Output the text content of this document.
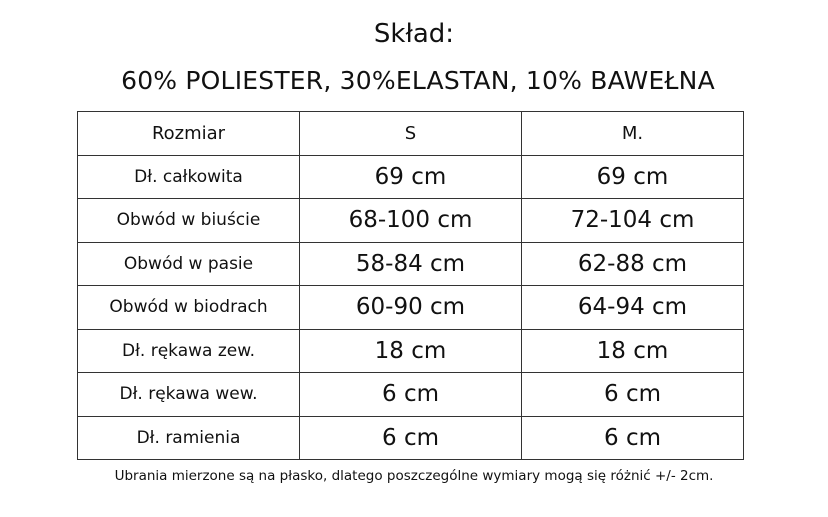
Skład:
60% POLIESTER, 30%ELASTAN, 10% BAWEŁNA
Rozmiar	S	M.
Dł. całkowita	69 cm	69 cm
Obwód w biuście	68-100 cm	72-104 cm
Obwód w pasie	58-84 cm	62-88 cm
Obwód w biodrach	60-90 cm	64-94 cm
Dł. rękawa zew.	18 cm	18 cm
Dł. rękawa wew.	6 cm	6 cm
Dł. ramienia	6 cm	6 cm
Ubrania mierzone są na płasko, dlatego poszczególne wymiary mogą się różnić +/- 2cm.
